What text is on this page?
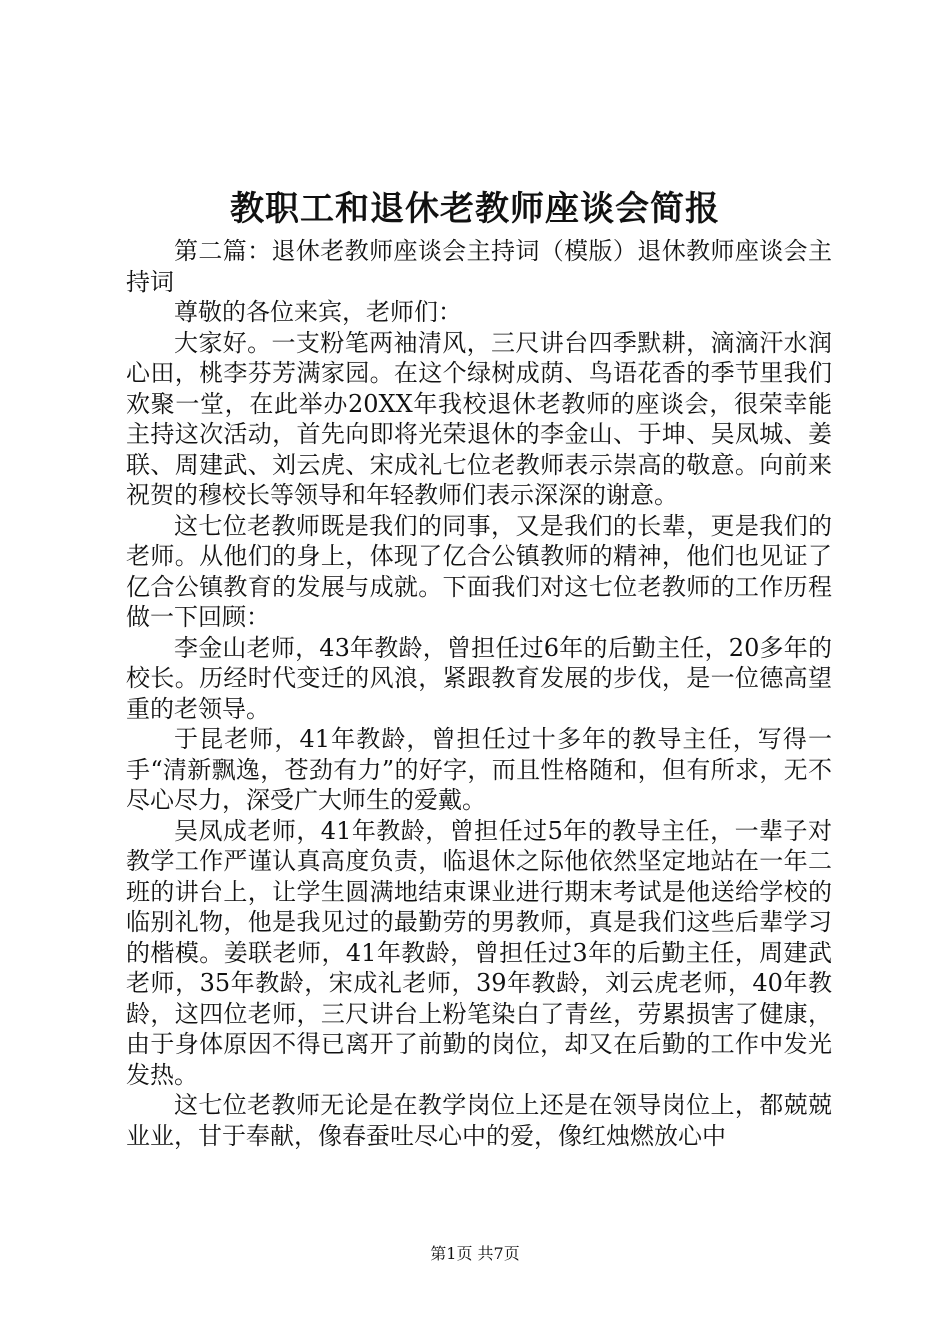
教职工和退休老教师座谈会简报

第二篇：退休老教师座谈会主持词（模版）退休教师座谈会主持词

尊敬的各位来宾，老师们：

大家好。一支粉笔两袖清风，三尺讲台四季默耕，滴滴汗水润心田，桃李芬芳满家园。在这个绿树成荫、鸟语花香的季节里我们欢聚一堂，在此举办20XX年我校退休老教师的座谈会，很荣幸能主持这次活动，首先向即将光荣退休的李金山、于坤、吴凤城、姜联、周建武、刘云虎、宋成礼七位老教师表示崇高的敬意。向前来祝贺的穆校长等领导和年轻教师们表示深深的谢意。

这七位老教师既是我们的同事，又是我们的长辈，更是我们的老师。从他们的身上，体现了亿合公镇教师的精神，他们也见证了亿合公镇教育的发展与成就。下面我们对这七位老教师的工作历程做一下回顾：

李金山老师，43年教龄，曾担任过6年的后勤主任，20多年的校长。历经时代变迁的风浪，紧跟教育发展的步伐，是一位德高望重的老领导。

于昆老师，41年教龄，曾担任过十多年的教导主任，写得一手“清新飘逸，苍劲有力”的好字，而且性格随和，但有所求，无不尽心尽力，深受广大师生的爱戴。

吴凤成老师，41年教龄，曾担任过5年的教导主任，一辈子对教学工作严谨认真高度负责，临退休之际他依然坚定地站在一年二班的讲台上，让学生圆满地结束课业进行期末考试是他送给学校的临别礼物，他是我见过的最勤劳的男教师，真是我们这些后辈学习的楷模。姜联老师，41年教龄，曾担任过3年的后勤主任，周建武老师，35年教龄，宋成礼老师，39年教龄，刘云虎老师，40年教龄，这四位老师，三尺讲台上粉笔染白了青丝，劳累损害了健康，由于身体原因不得已离开了前勤的岗位，却又在后勤的工作中发光发热。

这七位老教师无论是在教学岗位上还是在领导岗位上，都兢兢业业，甘于奉献，像春蚕吐尽心中的爱，像红烛燃放心中

第1页 共7页
